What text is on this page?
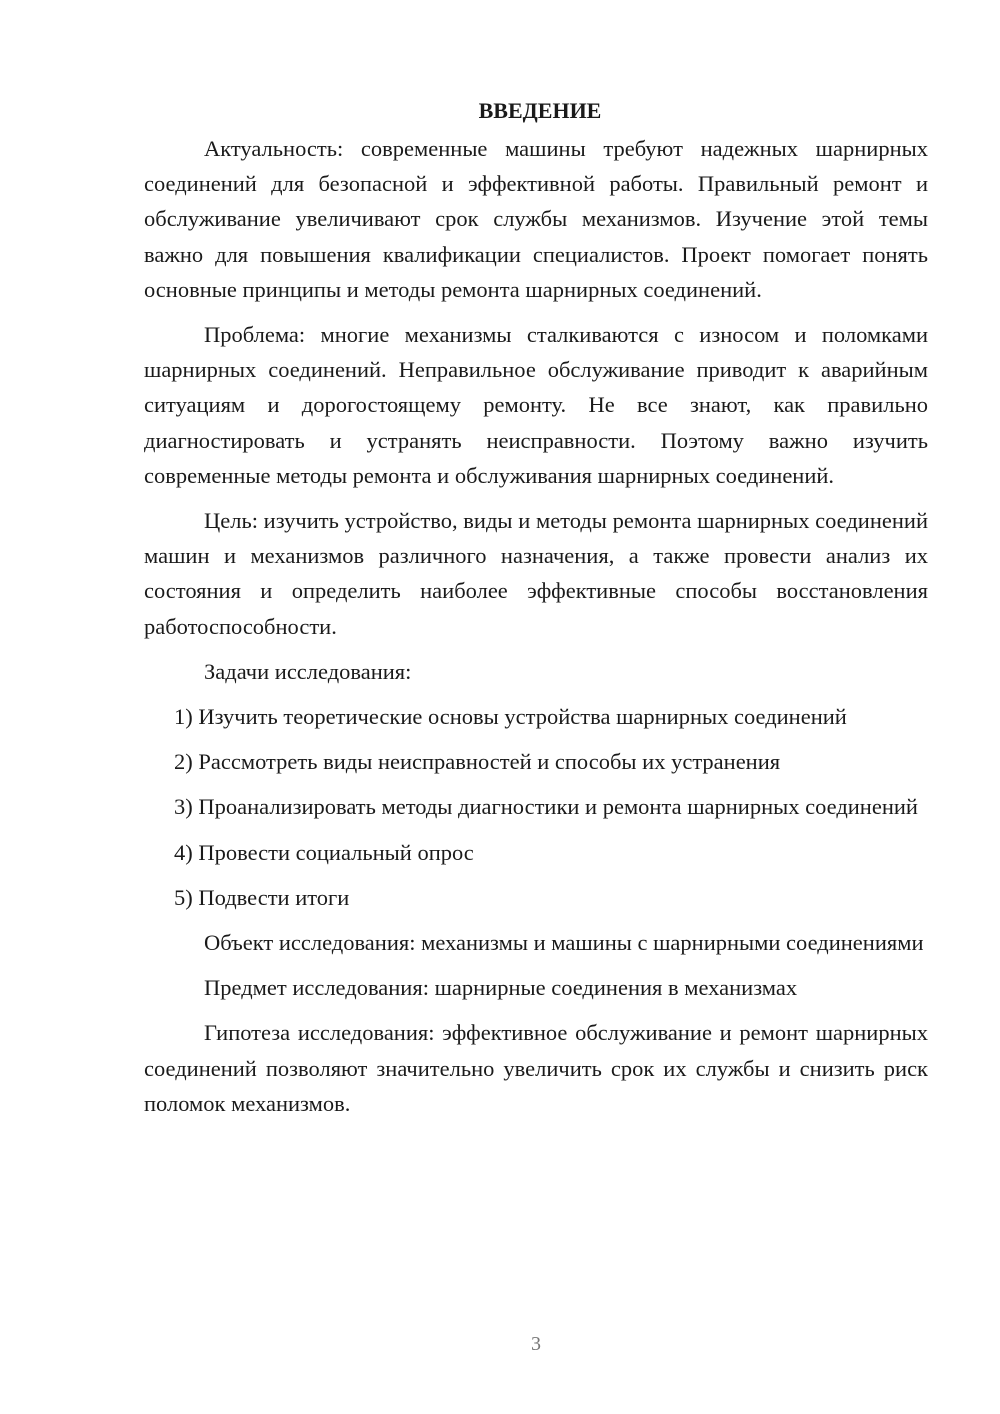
ВВЕДЕНИЕ

Актуальность: современные машины требуют надежных шарнирных соединений для безопасной и эффективной работы. Правильный ремонт и обслуживание увеличивают срок службы механизмов. Изучение этой темы важно для повышения квалификации специалистов. Проект помогает понять основные принципы и методы ремонта шарнирных соединений.

Проблема: многие механизмы сталкиваются с износом и поломками шарнирных соединений. Неправильное обслуживание приводит к аварийным ситуациям и дорогостоящему ремонту. Не все знают, как правильно диагностировать и устранять неисправности. Поэтому важно изучить современные методы ремонта и обслуживания шарнирных соединений.

Цель: изучить устройство, виды и методы ремонта шарнирных соединений машин и механизмов различного назначения, а также провести анализ их состояния и определить наиболее эффективные способы восстановления работоспособности.

Задачи исследования:

1) Изучить теоретические основы устройства шарнирных соединений

2) Рассмотреть виды неисправностей и способы их устранения

3) Проанализировать методы диагностики и ремонта шарнирных соединений

4) Провести социальный опрос

5) Подвести итоги

Объект исследования: механизмы и машины с шарнирными соединениями

Предмет исследования: шарнирные соединения в механизмах

Гипотеза исследования: эффективное обслуживание и ремонт шарнирных соединений позволяют значительно увеличить срок их службы и снизить риск поломок механизмов.

3
